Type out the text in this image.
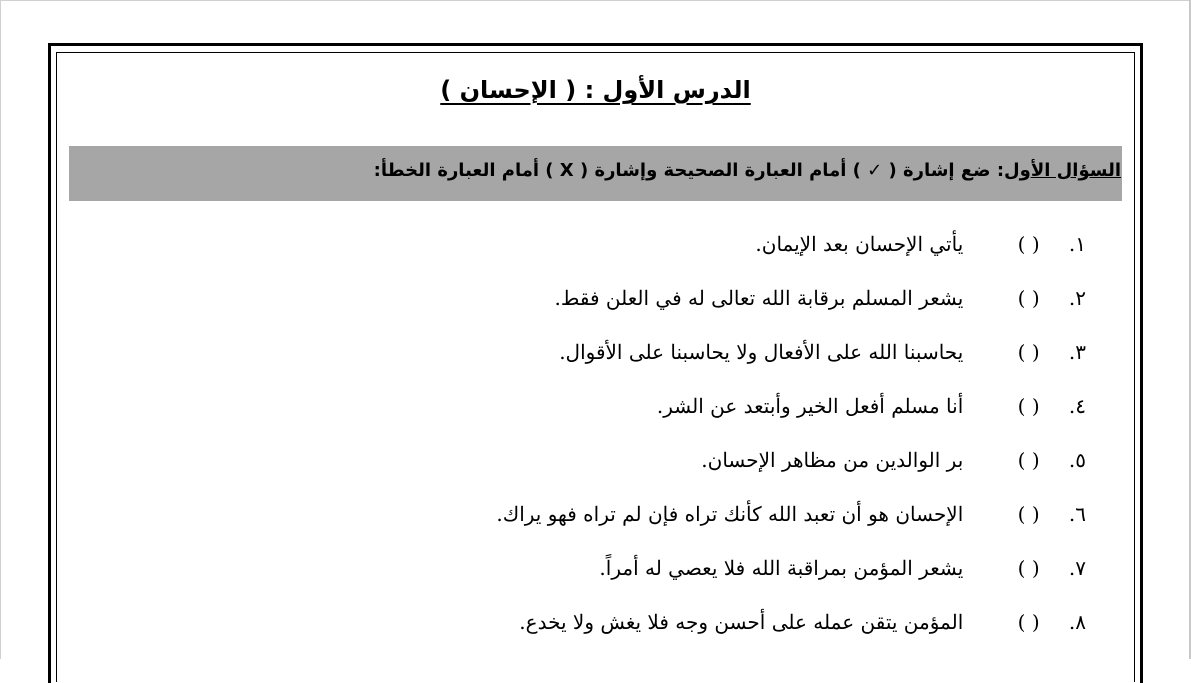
الدرس الأول : ( الإحسان )
السؤال الأول: ضع إشارة ( ✓ ) أمام العبارة الصحيحة وإشارة ( X ) أمام العبارة الخطأ:
١. ( ) يأتي الإحسان بعد الإيمان.
٢. ( ) يشعر المسلم برقابة الله تعالى له في العلن فقط.
٣. ( ) يحاسبنا الله على الأفعال ولا يحاسبنا على الأقوال.
٤. ( ) أنا مسلم أفعل الخير وأبتعد عن الشر.
٥. ( ) بر الوالدين من مظاهر الإحسان.
٦. ( ) الإحسان هو أن تعبد الله كأنك تراه فإن لم تراه فهو يراك.
٧. ( ) يشعر المؤمن بمراقبة الله فلا يعصي له أمراً.
٨. ( ) المؤمن يتقن عمله على أحسن وجه فلا يغش ولا يخدع.
